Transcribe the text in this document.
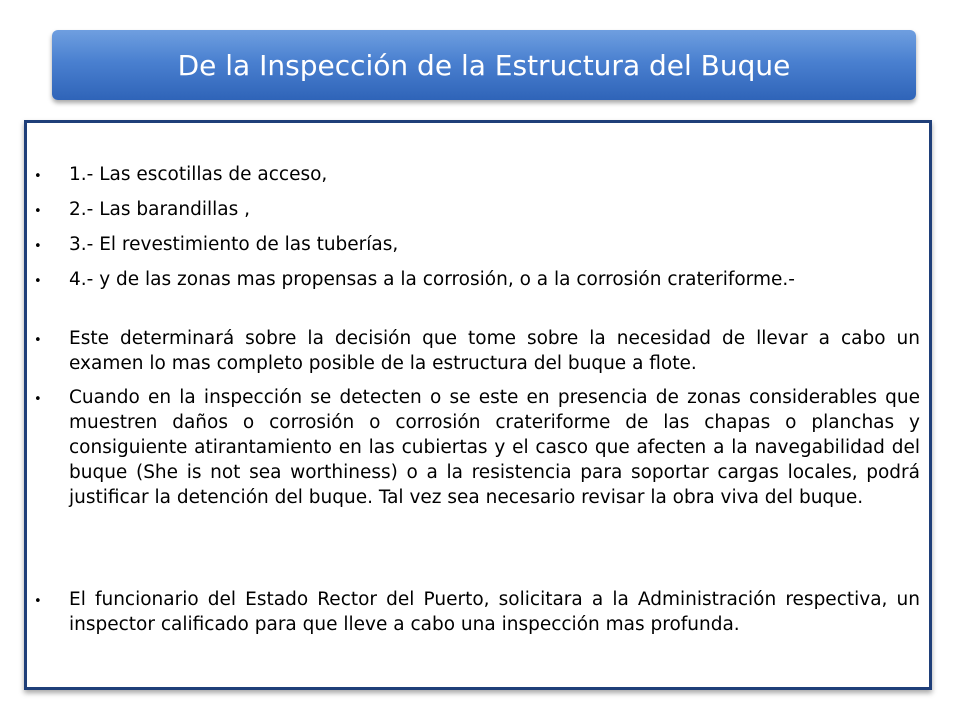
De la Inspección de la Estructura del Buque
• 1.- Las escotillas de acceso,
• 2.- Las barandillas ,
• 3.- El revestimiento de las tuberías,
• 4.- y de las zonas mas propensas a la corrosión, o a la corrosión crateriforme.-
• Este determinará sobre la decisión que tome sobre la necesidad de llevar a cabo un examen lo mas completo posible de la estructura del buque a flote.
• Cuando en la inspección se detecten o se este en presencia de zonas considerables que muestren daños o corrosión o corrosión crateriforme de las chapas o planchas y consiguiente atirantamiento en las cubiertas y el casco que afecten a la navegabilidad del buque (She is not sea worthiness) o a la resistencia para soportar cargas locales, podrá justificar la detención del buque. Tal vez sea necesario revisar la obra viva del buque.
• El funcionario del Estado Rector del Puerto, solicitara a la Administración respectiva, un inspector calificado para que lleve a cabo una inspección mas profunda.
